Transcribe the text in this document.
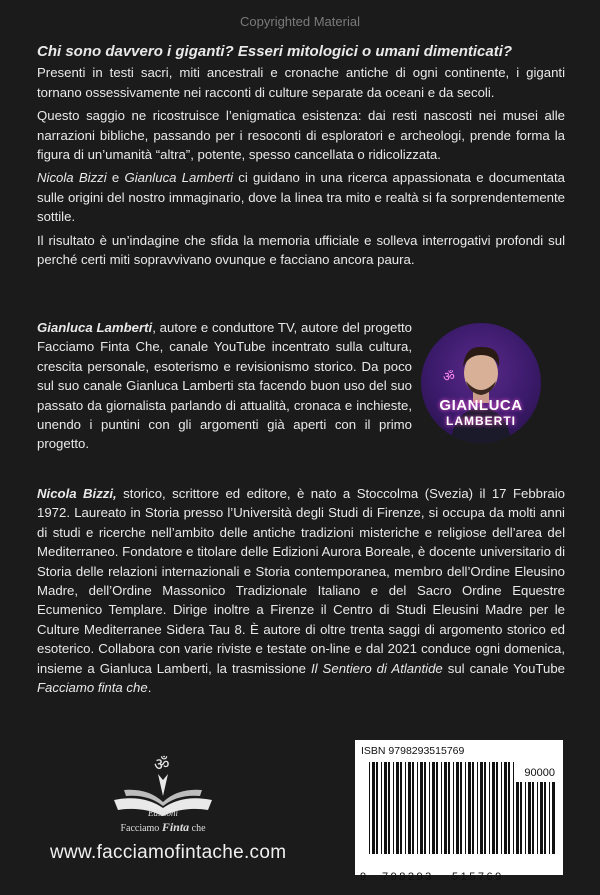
Copyrighted Material

Chi sono davvero i giganti? Esseri mitologici o umani dimenticati?

Presenti in testi sacri, miti ancestrali e cronache antiche di ogni continente, i giganti tornano ossessivamente nei racconti di culture separate da oceani e da secoli.

Questo saggio ne ricostruisce l’enigmatica esistenza: dai resti nascosti nei musei alle narrazioni bibliche, passando per i resoconti di esploratori e archeologi, prende forma la figura di un’umanità “altra”, potente, spesso cancellata o ridicolizzata.

Nicola Bizzi e Gianluca Lamberti ci guidano in una ricerca appassionata e documentata sulle origini del nostro immaginario, dove la linea tra mito e realtà si fa sorprendentemente sottile.

Il risultato è un’indagine che sfida la memoria ufficiale e solleva interrogativi profondi sul perché certi miti sopravvivano ovunque e facciano ancora paura.

Gianluca Lamberti, autore e conduttore TV, autore del progetto Facciamo Finta Che, canale YouTube incentrato sulla cultura, crescita personale, esoterismo e revisionismo storico. Da poco sul suo canale Gianluca Lamberti sta facendo buon uso del suo passato da giornalista parlando di attualità, cronaca e inchieste, unendo i puntini con gli argomenti già aperti con il primo progetto.

ॐ
GIANLUCA
LAMBERTI

Nicola Bizzi, storico, scrittore ed editore, è nato a Stoccolma (Svezia) il 17 Febbraio 1972. Laureato in Storia presso l’Università degli Studi di Firenze, si occupa da molti anni di studi e ricerche nell’ambito delle antiche tradizioni misteriche e religiose dell’area del Mediterraneo. Fondatore e titolare delle Edizioni Aurora Boreale, è docente universitario di Storia delle relazioni internazionali e Storia contemporanea, membro dell’Ordine Eleusino Madre, dell’Ordine Massonico Tradizionale Italiano e del Sacro Ordine Equestre Ecumenico Templare. Dirige inoltre a Firenze il Centro di Studi Eleusini Madre per le Culture Mediterranee Sidera Tau 8. È autore di oltre trenta saggi di argomento storico ed esoterico. Collabora con varie riviste e testate on-line e dal 2021 conduce ogni domenica, insieme a Gianluca Lamberti, la trasmissione Il Sentiero di Atlantide sul canale YouTube Facciamo finta che.

ॐ
Edizioni
Facciamo Finta che
www.facciamofintache.com
ISBN 9798293515769
90000
9 798293 515769
